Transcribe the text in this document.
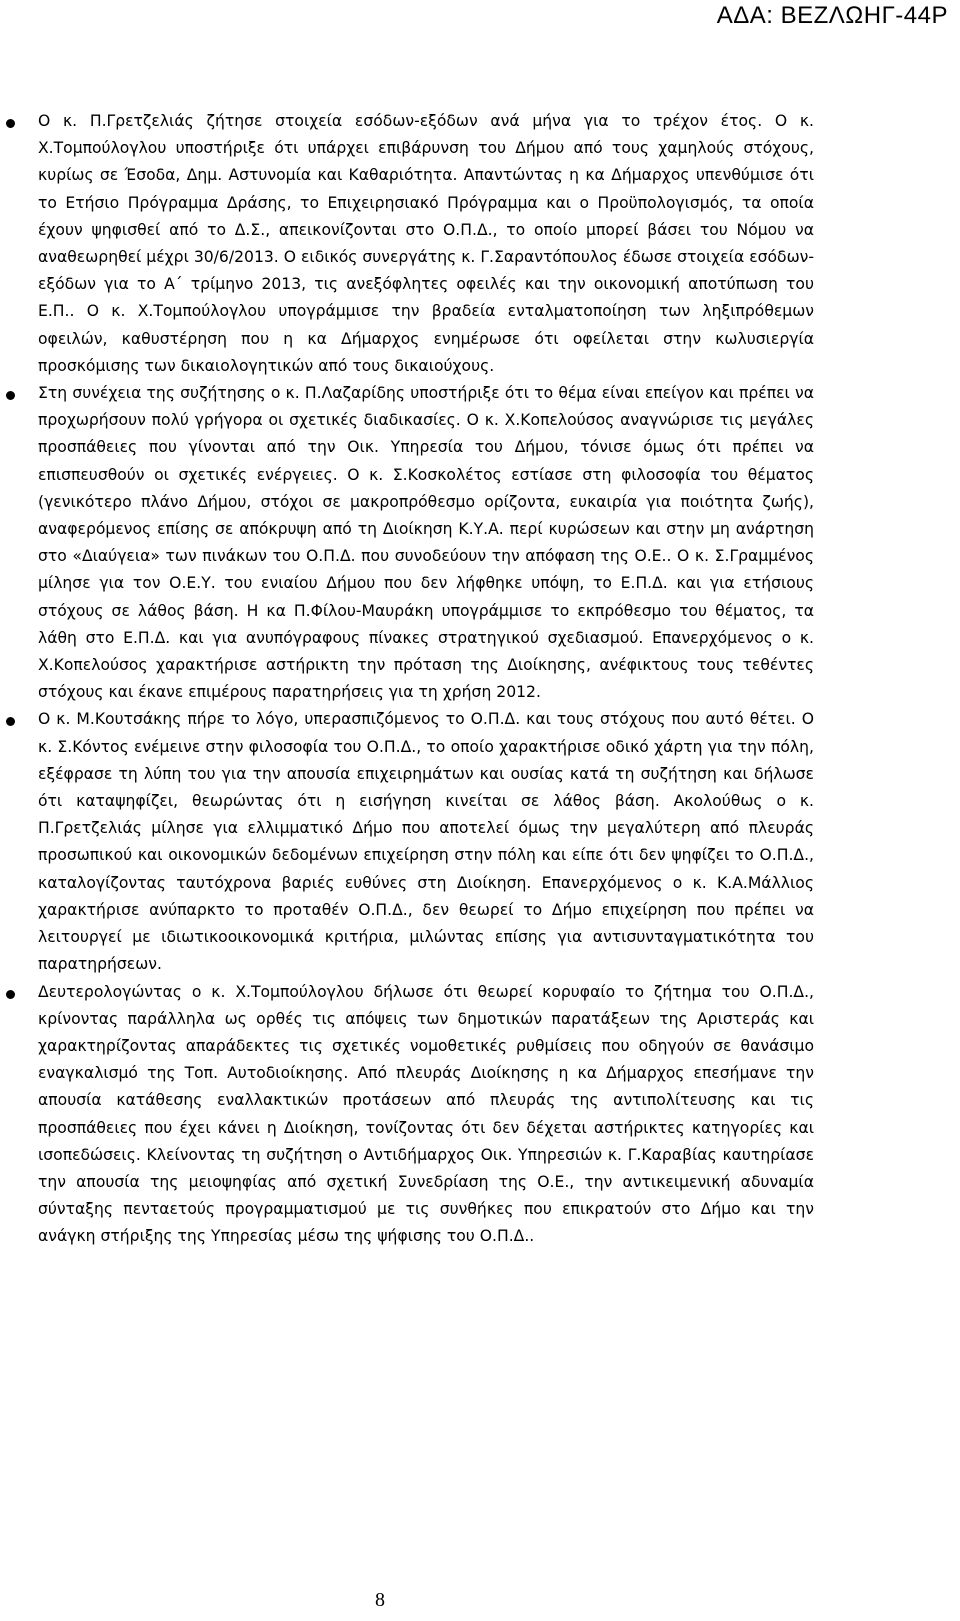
ΑΔΑ: ΒΕΖΛΩΗΓ-44Ρ
Ο κ. Π.Γρετζελιάς ζήτησε στοιχεία εσόδων-εξόδων ανά μήνα για το τρέχον έτος. Ο κ. Χ.Τομπούλογλου υποστήριξε ότι υπάρχει επιβάρυνση του Δήμου από τους χαμηλούς στόχους, κυρίως σε Έσοδα, Δημ. Αστυνομία και Καθαριότητα. Απαντώντας η κα Δήμαρχος υπενθύμισε ότι το Ετήσιο Πρόγραμμα Δράσης, το Επιχειρησιακό Πρόγραμμα και ο Προϋπολογισμός, τα οποία έχουν ψηφισθεί από το Δ.Σ., απεικονίζονται στο Ο.Π.Δ., το οποίο μπορεί βάσει του Νόμου να αναθεωρηθεί μέχρι 30/6/2013. Ο ειδικός συνεργάτης κ. Γ.Σαραντόπουλος έδωσε στοιχεία εσόδων-εξόδων για το Α΄ τρίμηνο 2013, τις ανεξόφλητες οφειλές και την οικονομική αποτύπωση του Ε.Π.. Ο κ. Χ.Τομπούλογλου υπογράμμισε την βραδεία ενταλματοποίηση των ληξιπρόθεμων οφειλών, καθυστέρηση που η κα Δήμαρχος ενημέρωσε ότι οφείλεται στην κωλυσιεργία προσκόμισης των δικαιολογητικών από τους δικαιούχους.
Στη συνέχεια της συζήτησης ο κ. Π.Λαζαρίδης υποστήριξε ότι το θέμα είναι επείγον και πρέπει να προχωρήσουν πολύ γρήγορα οι σχετικές διαδικασίες. Ο κ. Χ.Κοπελούσος αναγνώρισε τις μεγάλες προσπάθειες που γίνονται από την Οικ. Υπηρεσία του Δήμου, τόνισε όμως ότι πρέπει να επισπευσθούν οι σχετικές ενέργειες. Ο κ. Σ.Κοσκολέτος εστίασε στη φιλοσοφία του θέματος (γενικότερο πλάνο Δήμου, στόχοι σε μακροπρόθεσμο ορίζοντα, ευκαιρία για ποιότητα ζωής), αναφερόμενος επίσης σε απόκρυψη από τη Διοίκηση Κ.Υ.Α. περί κυρώσεων και στην μη ανάρτηση στο «Διαύγεια» των πινάκων του Ο.Π.Δ. που συνοδεύουν την απόφαση της Ο.Ε.. Ο κ. Σ.Γραμμένος μίλησε για τον Ο.Ε.Υ. του ενιαίου Δήμου που δεν λήφθηκε υπόψη, το Ε.Π.Δ. και για ετήσιους στόχους σε λάθος βάση. Η κα Π.Φίλου-Μαυράκη υπογράμμισε το εκπρόθεσμο του θέματος, τα λάθη στο Ε.Π.Δ. και για ανυπόγραφους πίνακες στρατηγικού σχεδιασμού. Επανερχόμενος ο κ. Χ.Κοπελούσος χαρακτήρισε αστήρικτη την πρόταση της Διοίκησης, ανέφικτους τους τεθέντες στόχους και έκανε επιμέρους παρατηρήσεις για τη χρήση 2012.
Ο κ. Μ.Κουτσάκης πήρε το λόγο, υπερασπιζόμενος το Ο.Π.Δ. και τους στόχους που αυτό θέτει. Ο κ. Σ.Κόντος ενέμεινε στην φιλοσοφία του Ο.Π.Δ., το οποίο χαρακτήρισε οδικό χάρτη για την πόλη, εξέφρασε τη λύπη του για την απουσία επιχειρημάτων και ουσίας κατά τη συζήτηση και δήλωσε ότι καταψηφίζει, θεωρώντας ότι η εισήγηση κινείται σε λάθος βάση. Ακολούθως ο κ. Π.Γρετζελιάς μίλησε για ελλιμματικό Δήμο που αποτελεί όμως την μεγαλύτερη από πλευράς προσωπικού και οικονομικών δεδομένων επιχείρηση στην πόλη και είπε ότι δεν ψηφίζει το Ο.Π.Δ., καταλογίζοντας ταυτόχρονα βαριές ευθύνες στη Διοίκηση. Επανερχόμενος ο κ. Κ.Α.Μάλλιος χαρακτήρισε ανύπαρκτο το προταθέν Ο.Π.Δ., δεν θεωρεί το Δήμο επιχείρηση που πρέπει να λειτουργεί με ιδιωτικοοικονομικά κριτήρια, μιλώντας επίσης για αντισυνταγματικότητα του παρατηρήσεων.
Δευτερολογώντας ο κ. Χ.Τομπούλογλου δήλωσε ότι θεωρεί κορυφαίο το ζήτημα του Ο.Π.Δ., κρίνοντας παράλληλα ως ορθές τις απόψεις των δημοτικών παρατάξεων της Αριστεράς και χαρακτηρίζοντας απαράδεκτες τις σχετικές νομοθετικές ρυθμίσεις που οδηγούν σε θανάσιμο εναγκαλισμό της Τοπ. Αυτοδιοίκησης. Από πλευράς Διοίκησης η κα Δήμαρχος επεσήμανε την απουσία κατάθεσης εναλλακτικών προτάσεων από πλευράς της αντιπολίτευσης και τις προσπάθειες που έχει κάνει η Διοίκηση, τονίζοντας ότι δεν δέχεται αστήρικτες κατηγορίες και ισοπεδώσεις. Κλείνοντας τη συζήτηση ο Αντιδήμαρχος Οικ. Υπηρεσιών κ. Γ.Καραβίας καυτηρίασε την απουσία της μειοψηφίας από σχετική Συνεδρίαση της Ο.Ε., την αντικειμενική αδυναμία σύνταξης πενταετούς προγραμματισμού με τις συνθήκες που επικρατούν στο Δήμο και την ανάγκη στήριξης της Υπηρεσίας μέσω της ψήφισης του Ο.Π.Δ..
8
